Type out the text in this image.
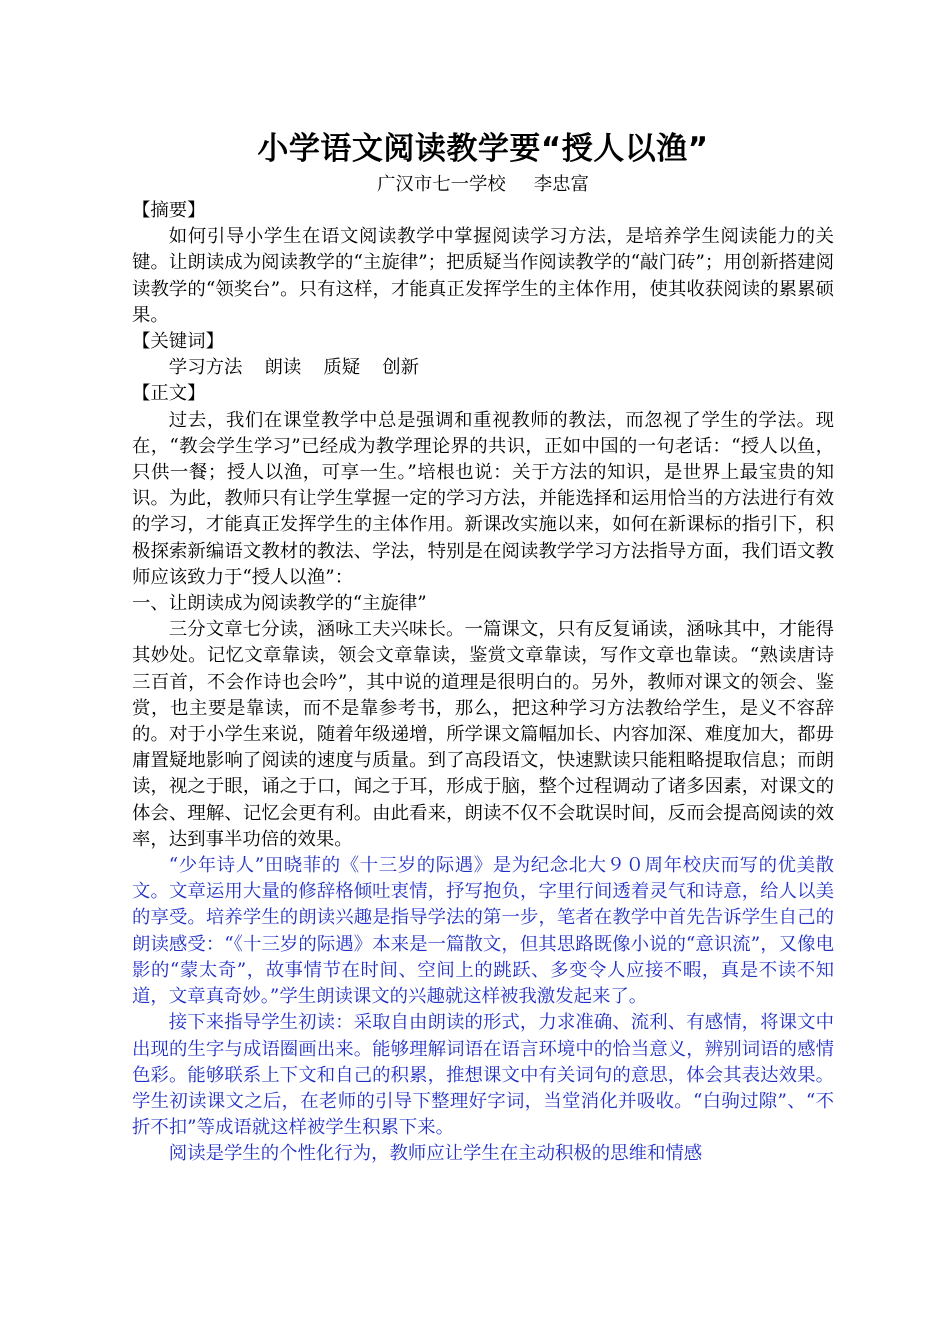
小学语文阅读教学要“授人以渔”

广汉市七一学校 李忠富

【摘要】

如何引导小学生在语文阅读教学中掌握阅读学习方法，是培养学生阅读能力的关键。让朗读成为阅读教学的“主旋律”；把质疑当作阅读教学的“敲门砖”；用创新搭建阅读教学的“领奖台”。只有这样，才能真正发挥学生的主体作用，使其收获阅读的累累硕果。

【关键词】

学习方法 朗读 质疑 创新

【正文】

过去，我们在课堂教学中总是强调和重视教师的教法，而忽视了学生的学法。现在，“教会学生学习”已经成为教学理论界的共识，正如中国的一句老话：“授人以鱼，只供一餐；授人以渔，可享一生。”培根也说：关于方法的知识，是世界上最宝贵的知识。为此，教师只有让学生掌握一定的学习方法，并能选择和运用恰当的方法进行有效的学习，才能真正发挥学生的主体作用。新课改实施以来，如何在新课标的指引下，积极探索新编语文教材的教法、学法，特别是在阅读教学学习方法指导方面，我们语文教师应该致力于“授人以渔”：

一、让朗读成为阅读教学的“主旋律”

三分文章七分读，涵咏工夫兴味长。一篇课文，只有反复诵读，涵咏其中，才能得其妙处。记忆文章靠读，领会文章靠读，鉴赏文章靠读，写作文章也靠读。“熟读唐诗三百首，不会作诗也会吟”，其中说的道理是很明白的。另外，教师对课文的领会、鉴赏，也主要是靠读，而不是靠参考书，那么，把这种学习方法教给学生，是义不容辞的。对于小学生来说，随着年级递增，所学课文篇幅加长、内容加深、难度加大，都毋庸置疑地影响了阅读的速度与质量。到了高段语文，快速默读只能粗略提取信息；而朗读，视之于眼，诵之于口，闻之于耳，形成于脑，整个过程调动了诸多因素，对课文的体会、理解、记忆会更有利。由此看来，朗读不仅不会耽误时间，反而会提高阅读的效率，达到事半功倍的效果。

“少年诗人”田晓菲的《十三岁的际遇》是为纪念北大９０周年校庆而写的优美散文。文章运用大量的修辞格倾吐衷情，抒写抱负，字里行间透着灵气和诗意，给人以美的享受。培养学生的朗读兴趣是指导学法的第一步，笔者在教学中首先告诉学生自己的朗读感受：“《十三岁的际遇》本来是一篇散文，但其思路既像小说的“意识流”，又像电影的“蒙太奇”，故事情节在时间、空间上的跳跃、多变令人应接不暇，真是不读不知道，文章真奇妙。”学生朗读课文的兴趣就这样被我激发起来了。

接下来指导学生初读：采取自由朗读的形式，力求准确、流利、有感情，将课文中出现的生字与成语圈画出来。能够理解词语在语言环境中的恰当意义，辨别词语的感情色彩。能够联系上下文和自己的积累，推想课文中有关词句的意思，体会其表达效果。学生初读课文之后，在老师的引导下整理好字词，当堂消化并吸收。“白驹过隙”、“不折不扣”等成语就这样被学生积累下来。

阅读是学生的个性化行为，教师应让学生在主动积极的思维和情感
